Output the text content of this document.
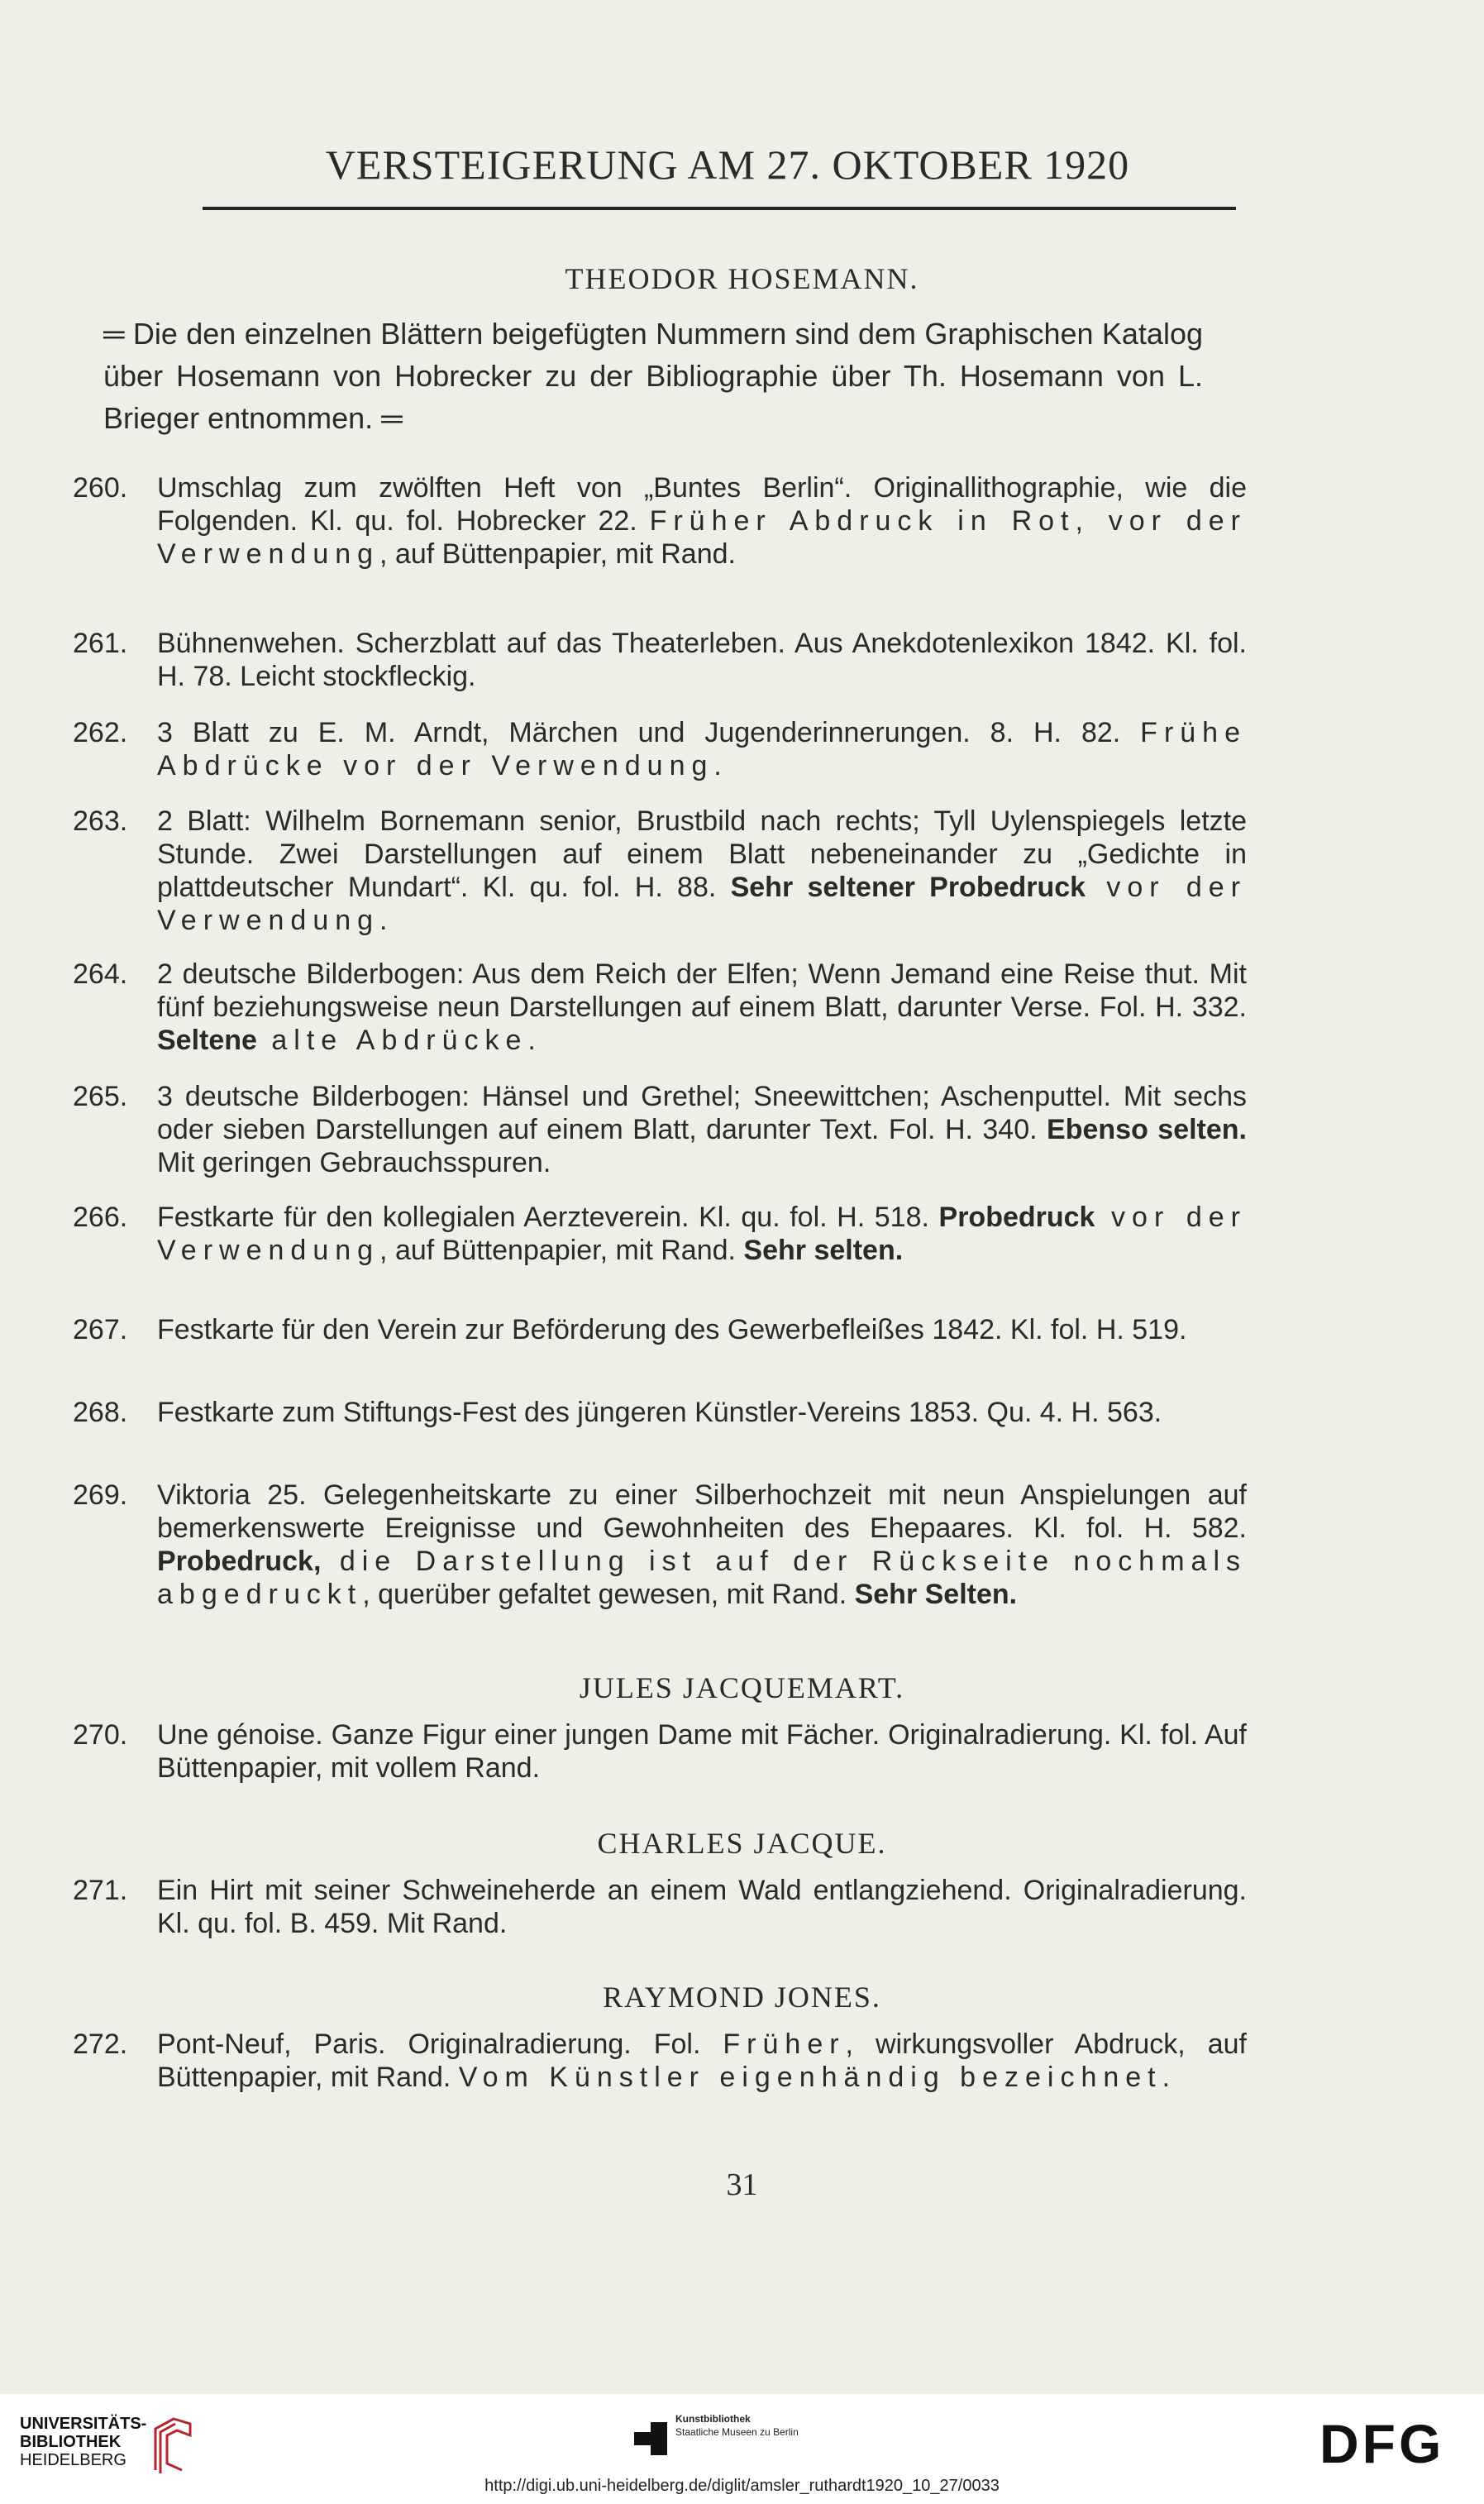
VERSTEIGERUNG AM 27. OKTOBER 1920
THEODOR HOSEMANN.
═ Die den einzelnen Blättern beigefügten Nummern sind dem Graphischen Katalog über Hosemann von Hobrecker zu der Bibliographie über Th. Hosemann von L. Brieger entnommen. ═
260.	Umschlag zum zwölften Heft von „Buntes Berlin“. Originallithographie, wie die Folgenden. Kl. qu. fol. Hobrecker 22. Früher Abdruck in Rot, vor der Verwendung, auf Büttenpapier, mit Rand.
261.	Bühnenwehen. Scherzblatt auf das Theaterleben. Aus Anekdotenlexikon 1842. Kl. fol. H. 78. Leicht stockfleckig.
262.	3 Blatt zu E. M. Arndt, Märchen und Jugenderinnerungen. 8. H. 82. Frühe Abdrücke vor der Verwendung.
263.	2 Blatt: Wilhelm Bornemann senior, Brustbild nach rechts; Tyll Uylenspiegels letzte Stunde. Zwei Darstellungen auf einem Blatt nebeneinander zu „Gedichte in plattdeutscher Mundart“. Kl. qu. fol. H. 88. Sehr seltener Probedruck vor der Verwendung.
264.	2 deutsche Bilderbogen: Aus dem Reich der Elfen; Wenn Jemand eine Reise thut. Mit fünf beziehungsweise neun Darstellungen auf einem Blatt, darunter Verse. Fol. H. 332. Seltene alte Abdrücke.
265.	3 deutsche Bilderbogen: Hänsel und Grethel; Sneewittchen; Aschenputtel. Mit sechs oder sieben Darstellungen auf einem Blatt, darunter Text. Fol. H. 340. Ebenso selten. Mit geringen Gebrauchsspuren.
266.	Festkarte für den kollegialen Aerzteverein. Kl. qu. fol. H. 518. Probedruck vor der Verwendung, auf Büttenpapier, mit Rand. Sehr selten.
267.	Festkarte für den Verein zur Beförderung des Gewerbefleißes 1842. Kl. fol. H. 519.
268.	Festkarte zum Stiftungs-Fest des jüngeren Künstler-Vereins 1853. Qu. 4. H. 563.
269.	Viktoria 25. Gelegenheitskarte zu einer Silberhochzeit mit neun Anspielungen auf bemerkenswerte Ereignisse und Gewohnheiten des Ehepaares. Kl. fol. H. 582. Probedruck, die Darstellung ist auf der Rückseite nochmals abgedruckt, querüber gefaltet gewesen, mit Rand. Sehr Selten.
JULES JACQUEMART.
270.	Une génoise. Ganze Figur einer jungen Dame mit Fächer. Originalradierung. Kl. fol. Auf Büttenpapier, mit vollem Rand.
CHARLES JACQUE.
271.	Ein Hirt mit seiner Schweineherde an einem Wald entlangziehend. Originalradierung. Kl. qu. fol. B. 459. Mit Rand.
RAYMOND JONES.
272.	Pont-Neuf, Paris. Originalradierung. Fol. Früher, wirkungsvoller Abdruck, auf Büttenpapier, mit Rand. Vom Künstler eigenhändig bezeichnet.
31
UNIVERSITÄTS-
BIBLIOTHEK
HEIDELBERG
Kunstbibliothek
Staatliche Museen zu Berlin	DFG
http://digi.ub.uni-heidelberg.de/diglit/amsler_ruthardt1920_10_27/0033
